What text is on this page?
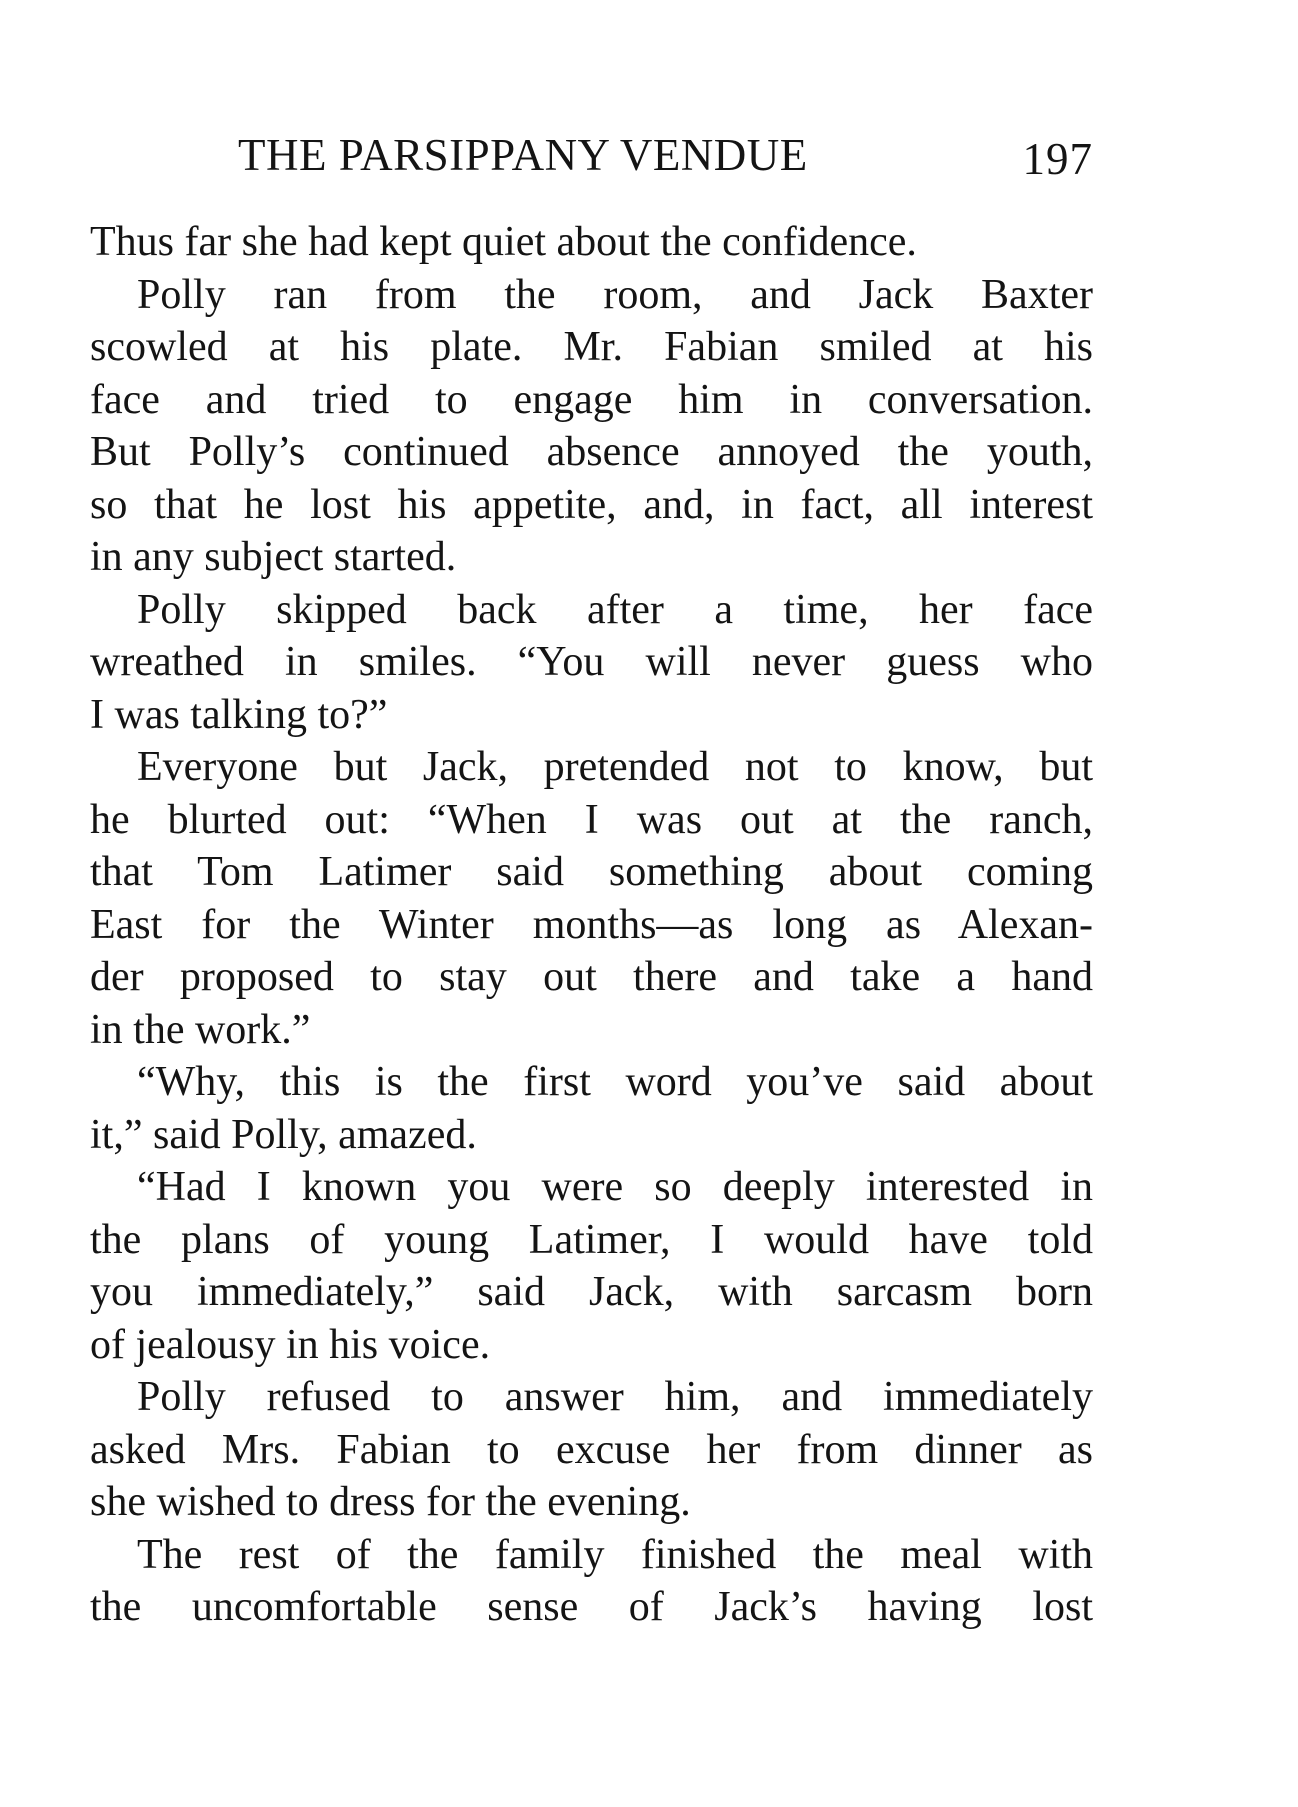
THE PARSIPPANY VENDUE	197
Thus far she had kept quiet about the confidence.
Polly ran from the room, and Jack Baxter
scowled at his plate. Mr. Fabian smiled at his
face and tried to engage him in conversation.
But Polly’s continued absence annoyed the youth,
so that he lost his appetite, and, in fact, all interest
in any subject started.
Polly skipped back after a time, her face
wreathed in smiles. “You will never guess who
I was talking to?”
Everyone but Jack, pretended not to know, but
he blurted out: “When I was out at the ranch,
that Tom Latimer said something about coming
East for the Winter months—as long as Alexan-
der proposed to stay out there and take a hand
in the work.”
“Why, this is the first word you’ve said about
it,” said Polly, amazed.
“Had I known you were so deeply interested in
the plans of young Latimer, I would have told
you immediately,” said Jack, with sarcasm born
of jealousy in his voice.
Polly refused to answer him, and immediately
asked Mrs. Fabian to excuse her from dinner as
she wished to dress for the evening.
The rest of the family finished the meal with
the uncomfortable sense of Jack’s having lost
